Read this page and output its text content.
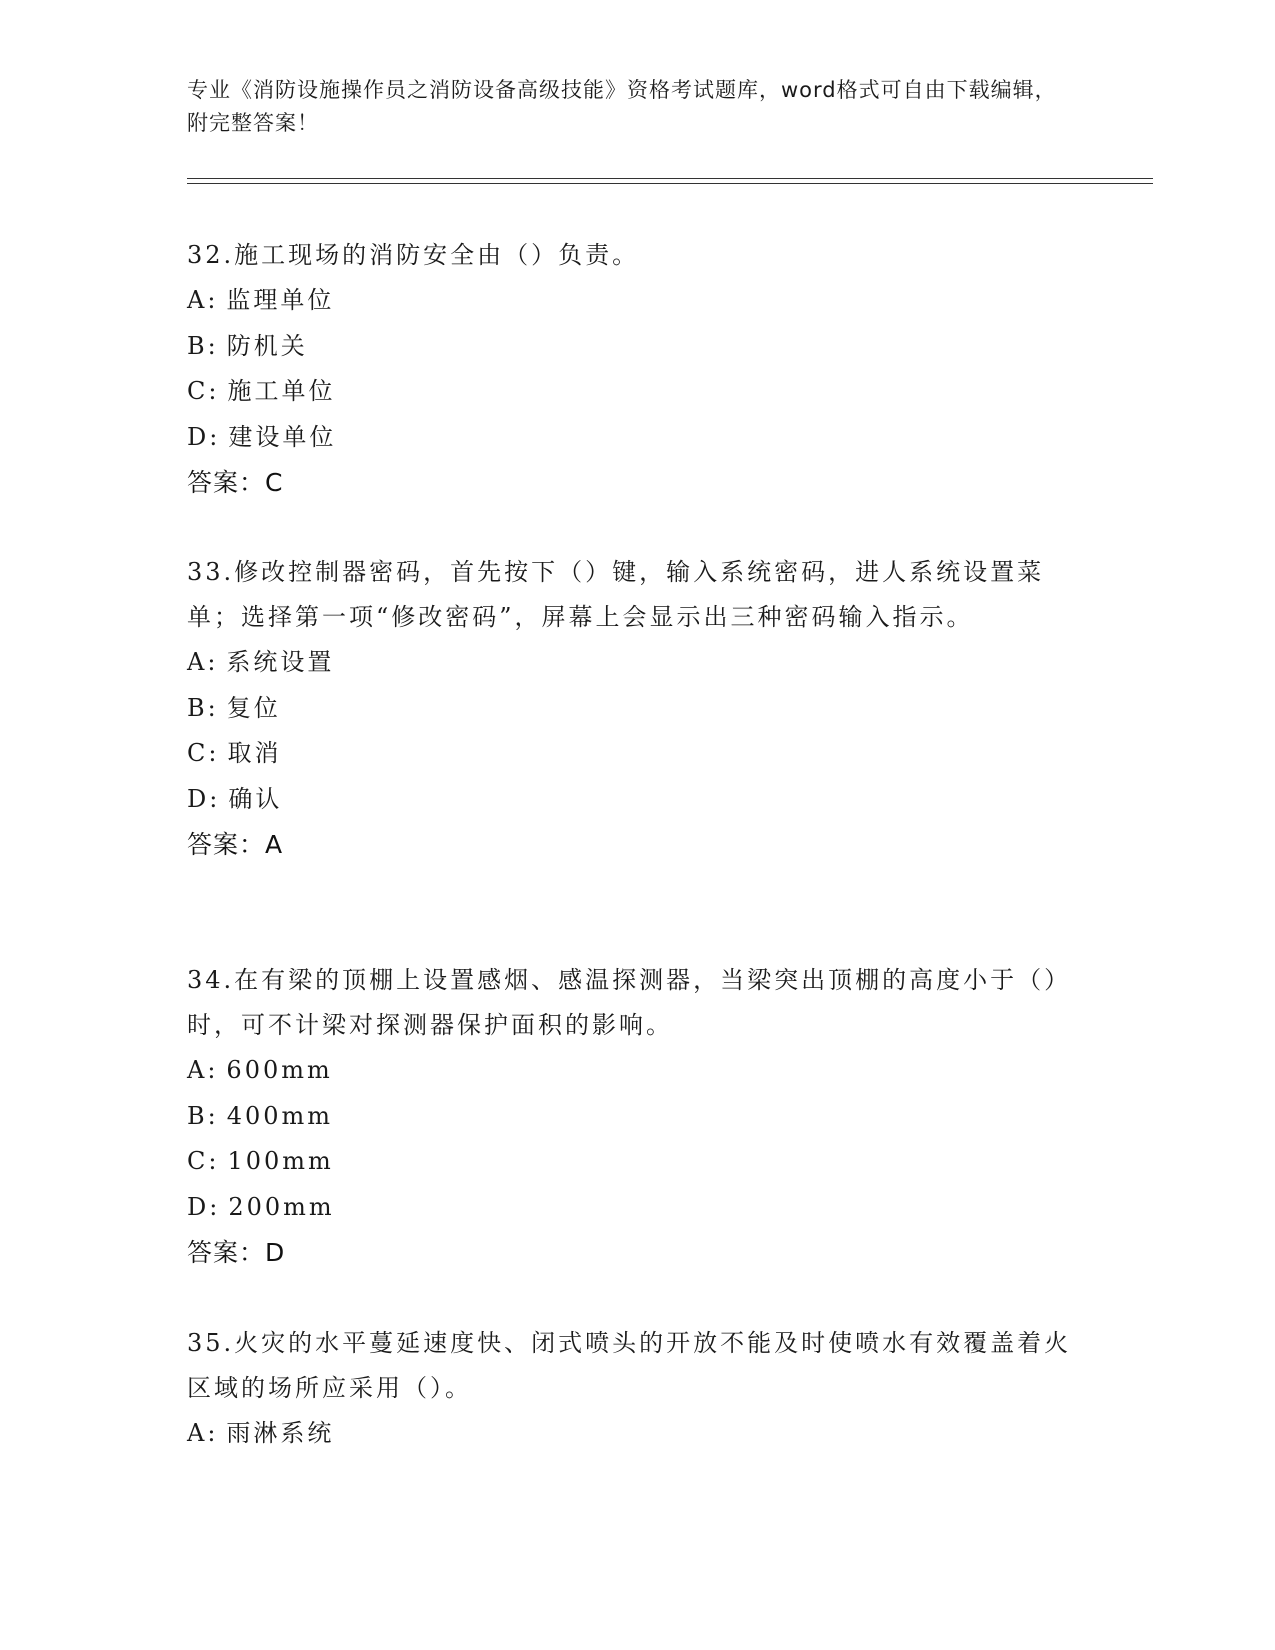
专业《消防设施操作员之消防设备高级技能》资格考试题库，word格式可自由下载编辑，附完整答案！

32.施工现场的消防安全由（）负责。

A: 监理单位

B: 防机关

C: 施工单位

D: 建设单位

答案：C

33.修改控制器密码，首先按下（）键，输入系统密码，进人系统设置菜单；选择第一项“修改密码”，屏幕上会显示出三种密码输入指示。

A: 系统设置

B: 复位

C: 取消

D: 确认

答案：A

34.在有梁的顶棚上设置感烟、感温探测器，当梁突出顶棚的高度小于（）时，可不计梁对探测器保护面积的影响。

A: 600mm

B: 400mm

C: 100mm

D: 200mm

答案：D

35.火灾的水平蔓延速度快、闭式喷头的开放不能及时使喷水有效覆盖着火区域的场所应采用（）。

A: 雨淋系统
